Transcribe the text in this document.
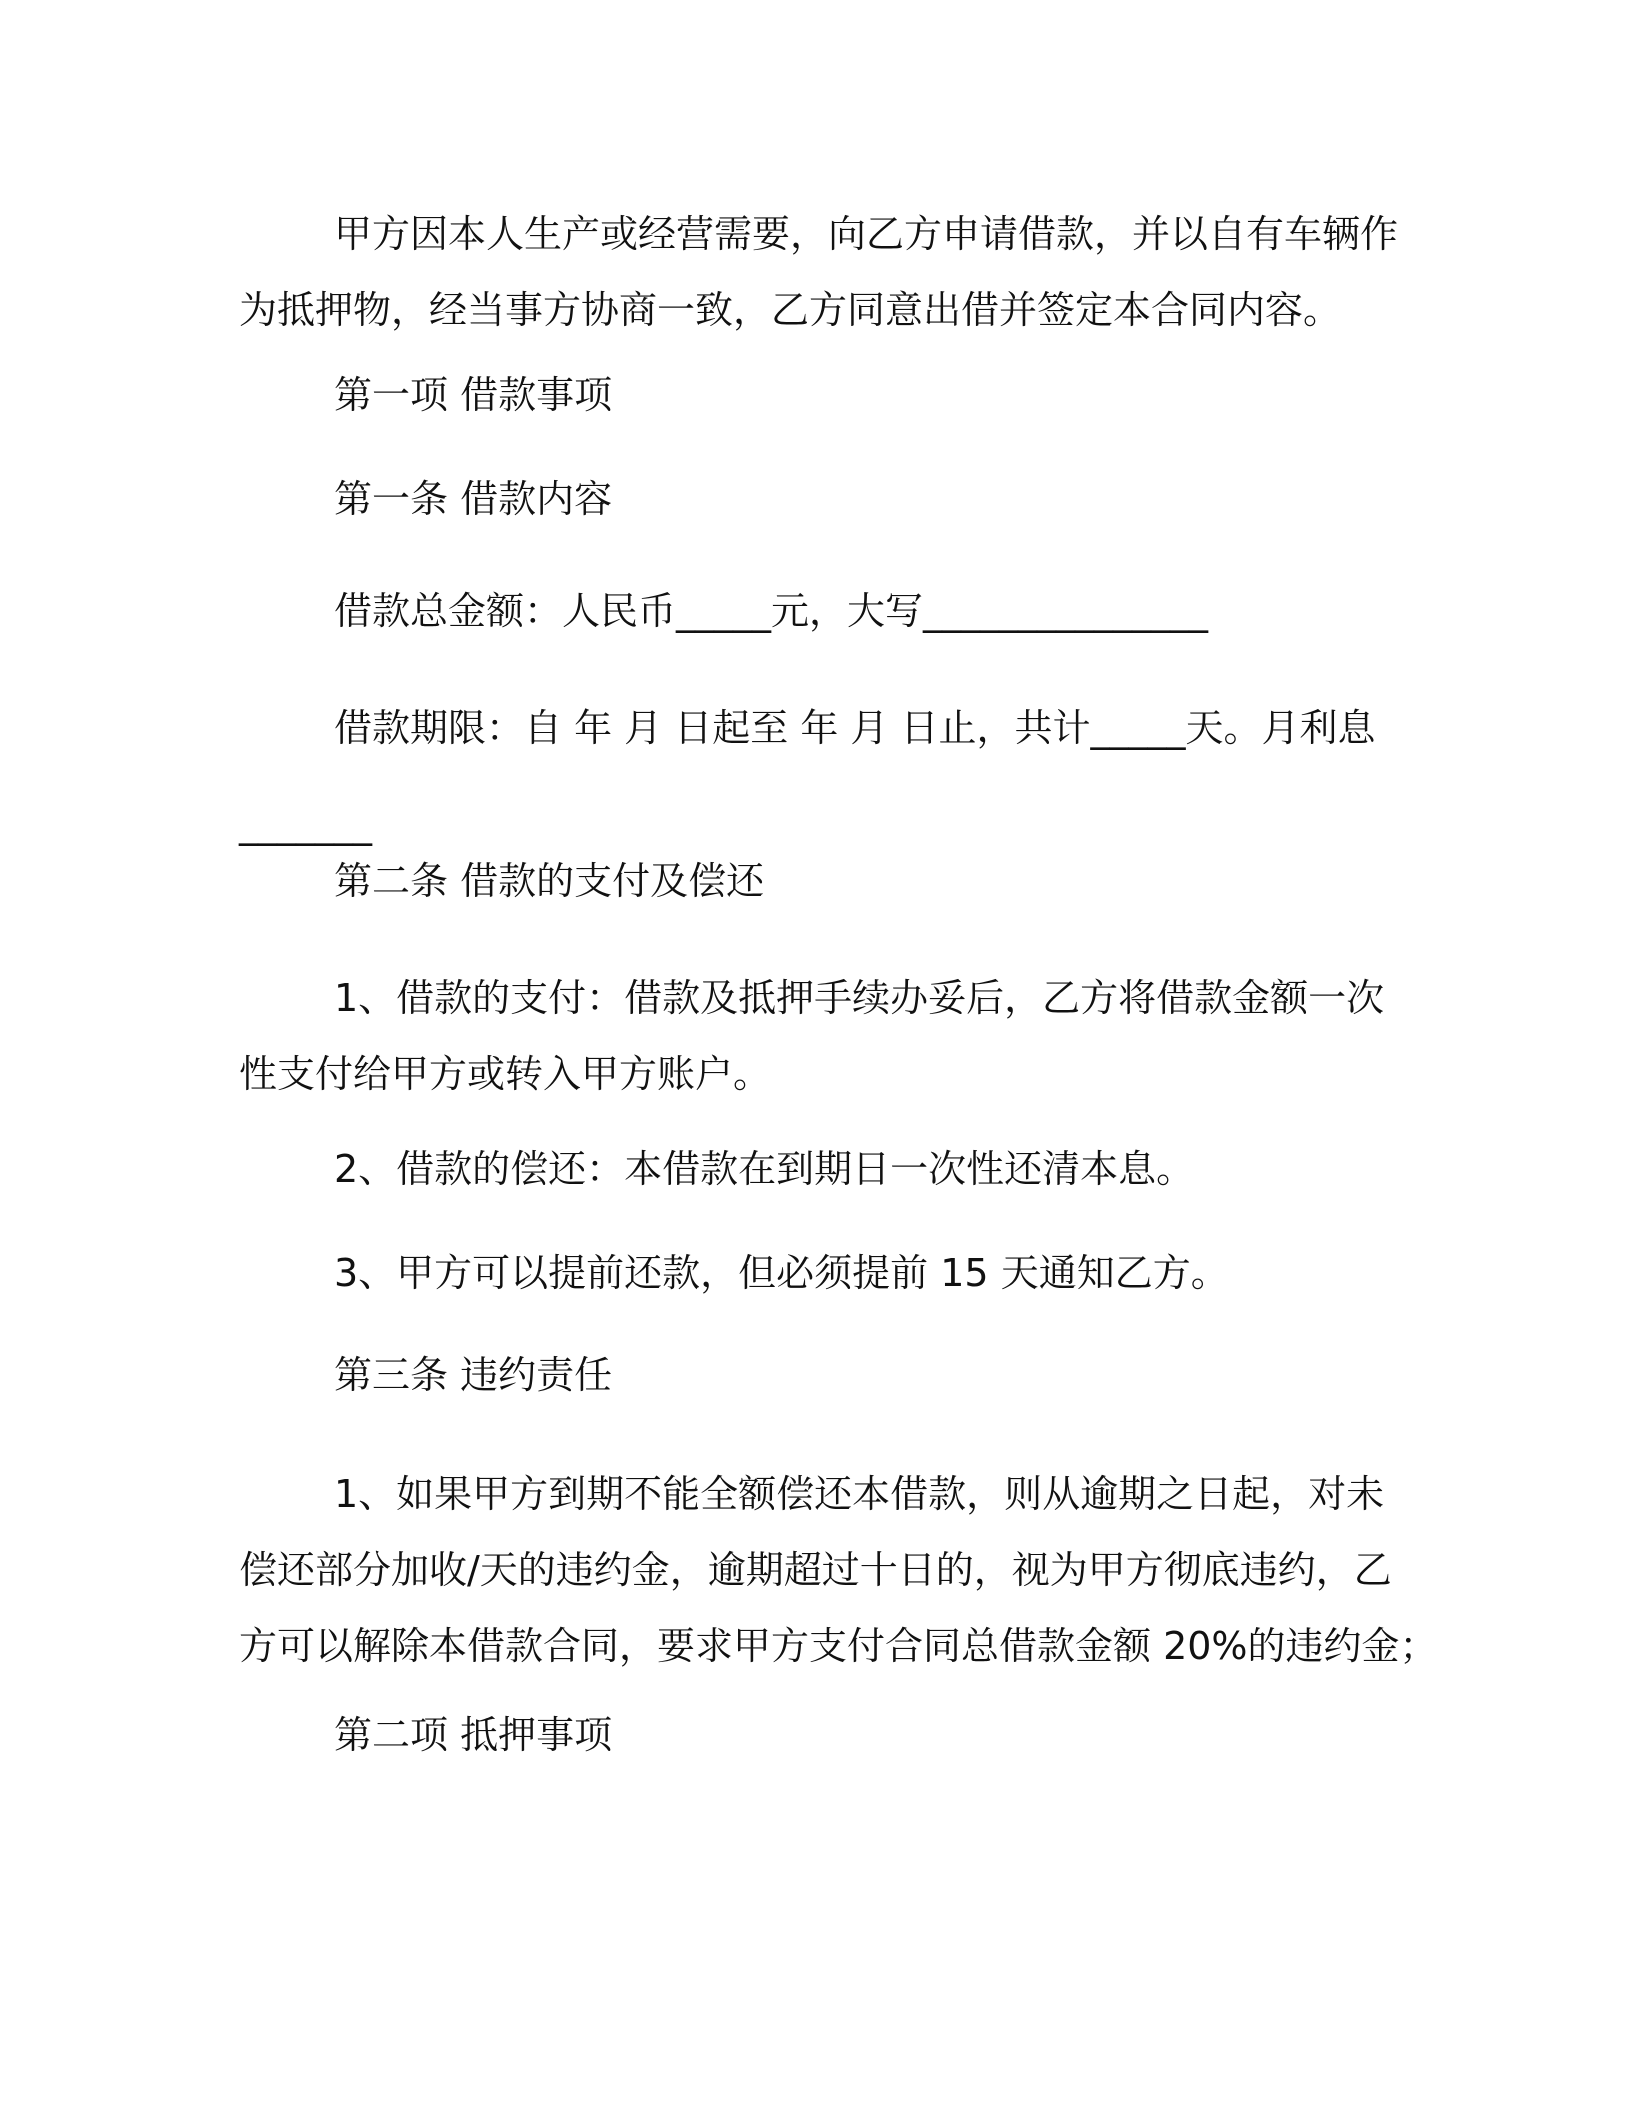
甲方因本人生产或经营需要，向乙方申请借款，并以自有车辆作
为抵押物，经当事方协商一致，乙方同意出借并签定本合同内容。

第一项 借款事项

第一条 借款内容

借款总金额：人民币_____元，大写_______________

借款期限：自 年 月 日起至 年 月 日止，共计_____天。月利息
_______

第二条 借款的支付及偿还

1、借款的支付：借款及抵押手续办妥后，乙方将借款金额一次
性支付给甲方或转入甲方账户。

2、借款的偿还：本借款在到期日一次性还清本息。

3、甲方可以提前还款，但必须提前 15 天通知乙方。

第三条 违约责任

1、如果甲方到期不能全额偿还本借款，则从逾期之日起，对未
偿还部分加收/天的违约金，逾期超过十日的，视为甲方彻底违约，乙
方可以解除本借款合同，要求甲方支付合同总借款金额 20%的违约金；

第二项 抵押事项
